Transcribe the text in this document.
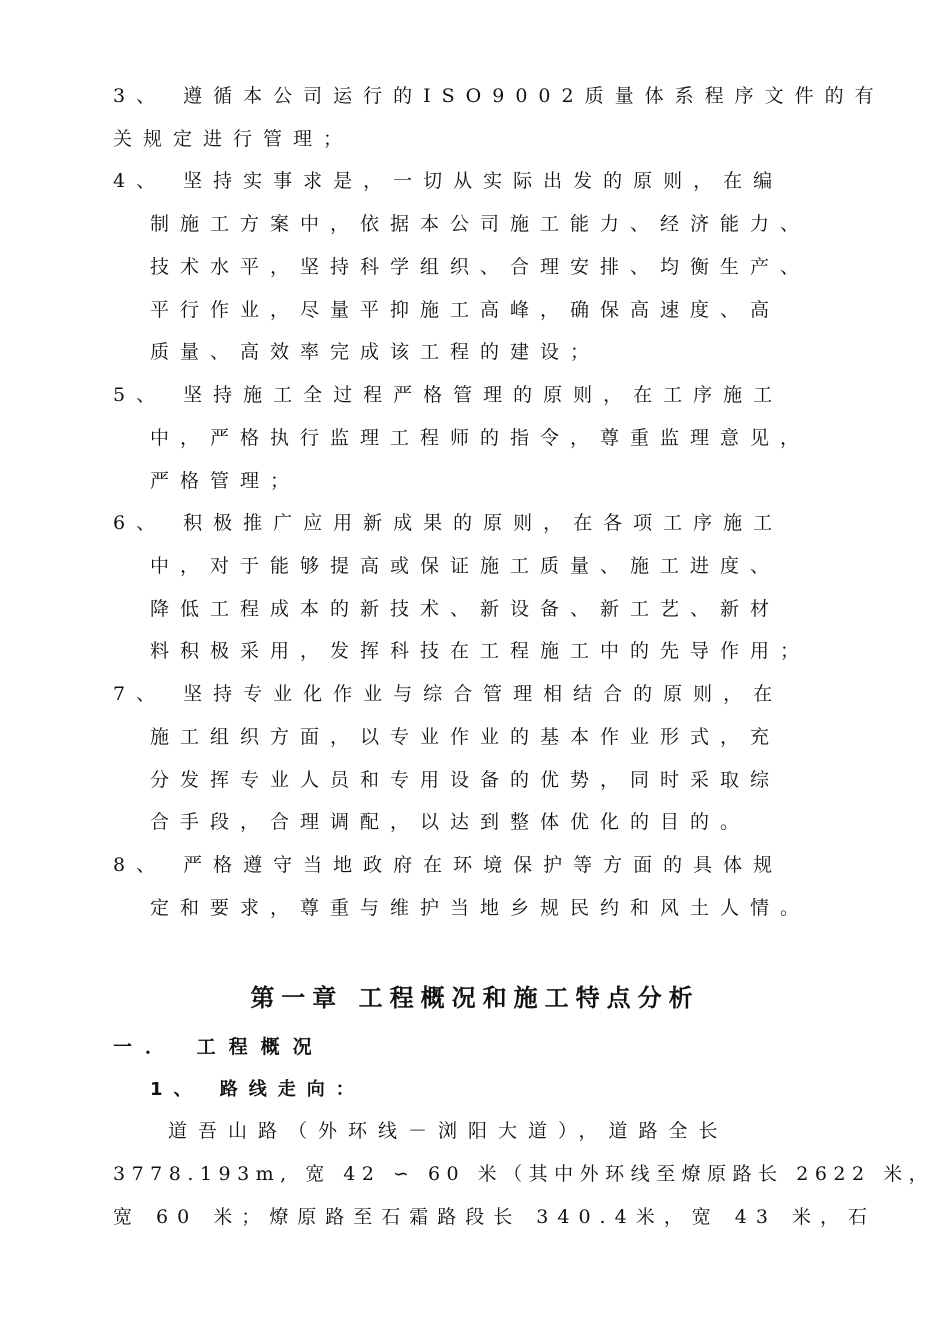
3、 遵循本公司运行的ISO9002质量体系程序文件的有
关规定进行管理；
4、 坚持实事求是，一切从实际出发的原则，在编
制施工方案中，依据本公司施工能力、经济能力、
技术水平，坚持科学组织、合理安排、均衡生产、
平行作业，尽量平抑施工高峰，确保高速度、高
质量、高效率完成该工程的建设；
5、 坚持施工全过程严格管理的原则，在工序施工
中，严格执行监理工程师的指令，尊重监理意见，
严格管理；
6、 积极推广应用新成果的原则，在各项工序施工
中，对于能够提高或保证施工质量、施工进度、
降低工程成本的新技术、新设备、新工艺、新材
料积极采用，发挥科技在工程施工中的先导作用；
7、 坚持专业化作业与综合管理相结合的原则，在
施工组织方面，以专业作业的基本作业形式，充
分发挥专业人员和专用设备的优势，同时采取综
合手段，合理调配，以达到整体优化的目的。
8、 严格遵守当地政府在环境保护等方面的具体规
定和要求，尊重与维护当地乡规民约和风土人情。
第一章 工程概况和施工特点分析
一． 工程概况
1、 路线走向：
道吾山路（外环线－浏阳大道），道路全长
3778.193m, 宽 42 ∽ 60 米（其中外环线至燎原路长 2622 米，
宽 60 米；燎原路至石霜路段长 340.4米，宽 43 米，石
